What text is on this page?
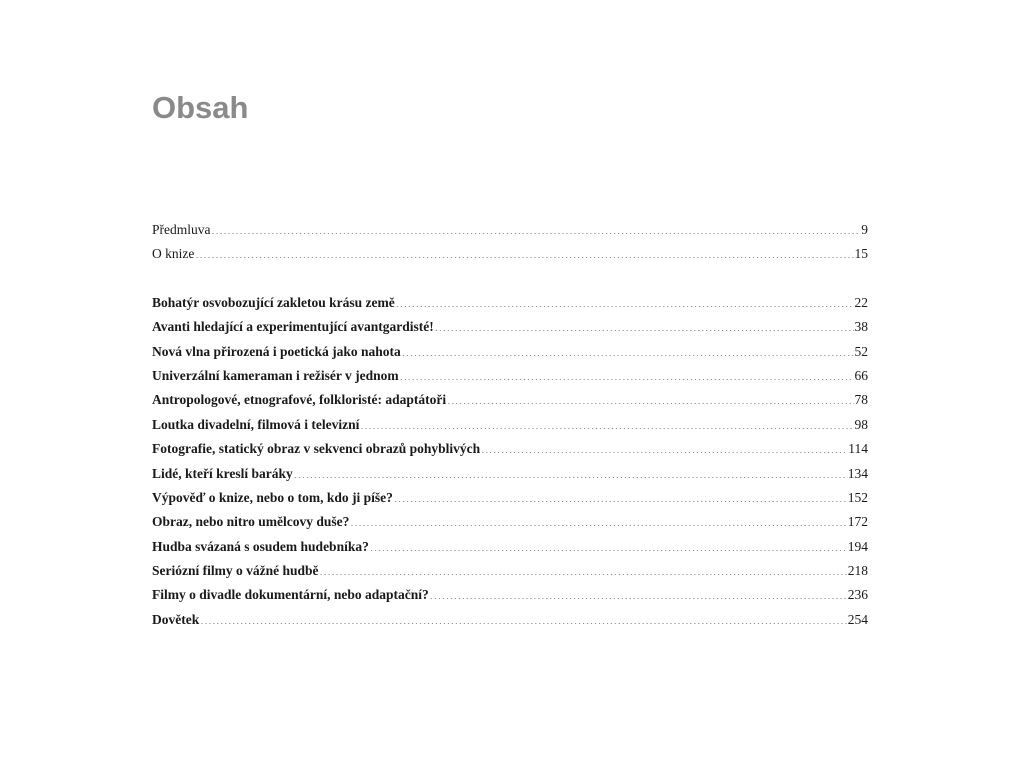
Obsah
Předmluva .....	9
O knize .....	15
Bohatýr osvobozující zakletou krásu země .....	22
Avanti hledající a experimentující avantgardisté! .....	38
Nová vlna přirozená i poetická jako nahota .....	52
Univerzální kameraman i režisér v jednom .....	66
Antropologové, etnografové, folkloristé: adaptátoři .....	78
Loutka divadelní, filmová i televizní .....	98
Fotografie, statický obraz v sekvenci obrazů pohyblivých .....	114
Lidé, kteří kreslí baráky .....	134
Výpověď o knize, nebo o tom, kdo ji píše? .....	152
Obraz, nebo nitro umělcovy duše? .....	172
Hudba svázaná s osudem hudebníka? .....	194
Seriózní filmy o vážné hudbě .....	218
Filmy o divadle dokumentární, nebo adaptační? .....	236
Dovětek .....	254
